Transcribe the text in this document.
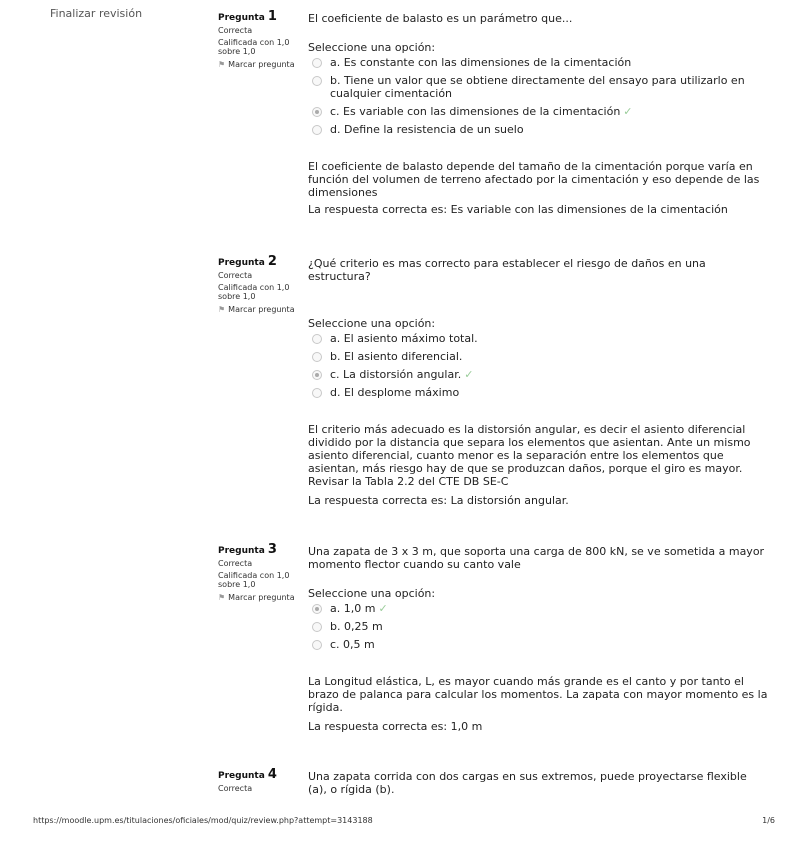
Finalizar revisión	Pregunta 1
Correcta
Calificada con 1,0 sobre 1,0
⚑ Marcar pregunta
El coeficiente de balasto es un parámetro que...
Seleccione una opción:
a. Es constante con las dimensiones de la cimentación
b. Tiene un valor que se obtiene directamente del ensayo para utilizarlo en cualquier cimentación
c. Es variable con las dimensiones de la cimentación ✓
d. Define la resistencia de un suelo
El coeficiente de balasto depende del tamaño de la cimentación porque varía en función del volumen de terreno afectado por la cimentación y eso depende de las dimensiones
La respuesta correcta es: Es variable con las dimensiones de la cimentación
Pregunta 2
Correcta
Calificada con 1,0 sobre 1,0
⚑ Marcar pregunta
¿Qué criterio es mas correcto para establecer el riesgo de daños en una estructura?
Seleccione una opción:
a. El asiento máximo total.
b. El asiento diferencial.
c. La distorsión angular. ✓
d. El desplome máximo
El criterio más adecuado es la distorsión angular, es decir el asiento diferencial dividido por la distancia que separa los elementos que asientan. Ante un mismo asiento diferencial, cuanto menor es la separación entre los elementos que asientan, más riesgo hay de que se produzcan daños, porque el giro es mayor. Revisar la Tabla 2.2 del CTE DB SE-C
La respuesta correcta es: La distorsión angular.
Pregunta 3
Correcta
Calificada con 1,0 sobre 1,0
⚑ Marcar pregunta
Una zapata de 3 x 3 m, que soporta una carga de 800 kN, se ve sometida a mayor momento flector cuando su canto vale
Seleccione una opción:
a. 1,0 m ✓
b. 0,25 m
c. 0,5 m
La Longitud elástica, L, es mayor cuando más grande es el canto y por tanto el brazo de palanca para calcular los momentos. La zapata con mayor momento es la rígida.
La respuesta correcta es: 1,0 m
Pregunta 4
Correcta
Una zapata corrida con dos cargas en sus extremos, puede proyectarse flexible (a), o rígida (b).
https://moodle.upm.es/titulaciones/oficiales/mod/quiz/review.php?attempt=3143188	1/6
